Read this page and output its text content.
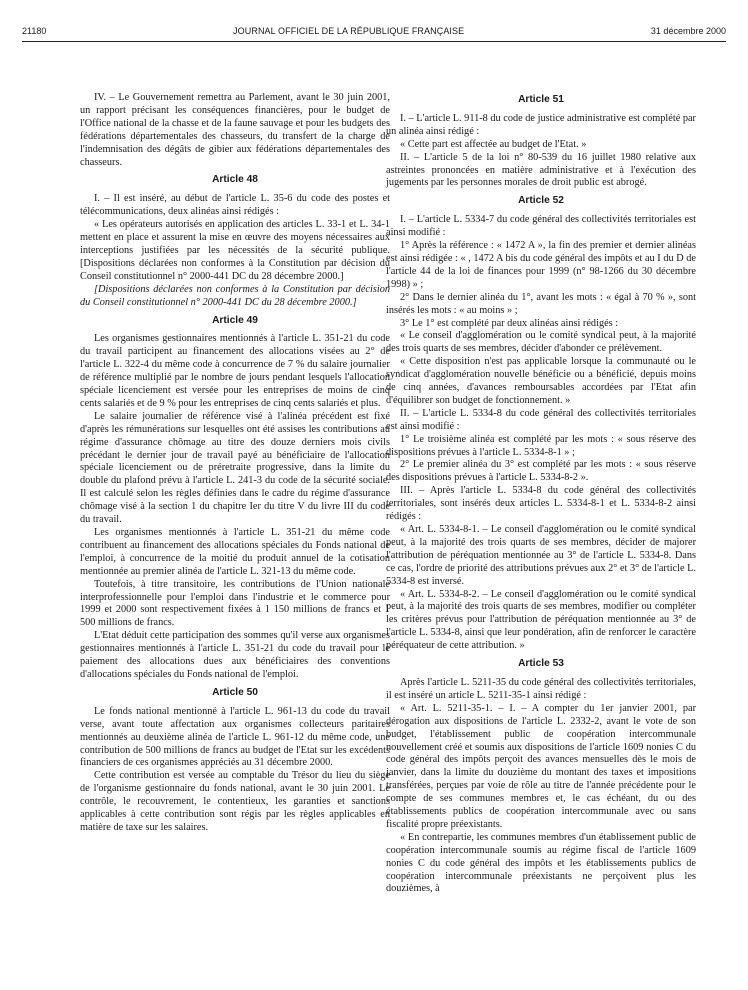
21180	JOURNAL OFFICIEL DE LA RÉPUBLIQUE FRANÇAISE	31 décembre 2000

IV. – Le Gouvernement remettra au Parlement, avant le 30 juin 2001, un rapport précisant les conséquences financières, pour le budget de l'Office national de la chasse et de la faune sauvage et pour les budgets des fédérations départementales des chasseurs, du transfert de la charge de l'indemnisation des dégâts de gibier aux fédérations départementales des chasseurs.

Article 48

I. – Il est inséré, au début de l'article L. 35-6 du code des postes et télécommunications, deux alinéas ainsi rédigés :

« Les opérateurs autorisés en application des articles L. 33-1 et L. 34-1 mettent en place et assurent la mise en œuvre des moyens nécessaires aux interceptions justifiées par les nécessités de la sécurité publique. [Dispositions déclarées non conformes à la Constitution par décision du Conseil constitutionnel n° 2000-441 DC du 28 décembre 2000.]

[Dispositions déclarées non conformes à la Constitution par décision du Conseil constitutionnel n° 2000-441 DC du 28 décembre 2000.]

Article 49

Les organismes gestionnaires mentionnés à l'article L. 351-21 du code du travail participent au financement des allocations visées au 2° de l'article L. 322-4 du même code à concurrence de 7 % du salaire journalier de référence multiplié par le nombre de jours pendant lesquels l'allocation spéciale licenciement est versée pour les entreprises de moins de cinq cents salariés et de 9 % pour les entreprises de cinq cents salariés et plus.

Le salaire journalier de référence visé à l'alinéa précédent est fixé d'après les rémunérations sur lesquelles ont été assises les contributions au régime d'assurance chômage au titre des douze derniers mois civils précédant le dernier jour de travail payé au bénéficiaire de l'allocation spéciale licenciement ou de préretraite progressive, dans la limite du double du plafond prévu à l'article L. 241-3 du code de la sécurité sociale. Il est calculé selon les règles définies dans le cadre du régime d'assurance chômage visé à la section 1 du chapitre Ier du titre V du livre III du code du travail.

Les organismes mentionnés à l'article L. 351-21 du même code contribuent au financement des allocations spéciales du Fonds national de l'emploi, à concurrence de la moitié du produit annuel de la cotisation mentionnée au premier alinéa de l'article L. 321-13 du même code.

Toutefois, à titre transitoire, les contributions de l'Union nationale interprofessionnelle pour l'emploi dans l'industrie et le commerce pour 1999 et 2000 sont respectivement fixées à 1 150 millions de francs et 1 500 millions de francs.

L'Etat déduit cette participation des sommes qu'il verse aux organismes gestionnaires mentionnés à l'article L. 351-21 du code du travail pour le paiement des allocations dues aux bénéficiaires des conventions d'allocations spéciales du Fonds national de l'emploi.

Article 50

Le fonds national mentionné à l'article L. 961-13 du code du travail verse, avant toute affectation aux organismes collecteurs paritaires mentionnés au deuxième alinéa de l'article L. 961-12 du même code, une contribution de 500 millions de francs au budget de l'Etat sur les excédents financiers de ces organismes appréciés au 31 décembre 2000.

Cette contribution est versée au comptable du Trésor du lieu du siège de l'organisme gestionnaire du fonds national, avant le 30 juin 2001. Le contrôle, le recouvrement, le contentieux, les garanties et sanctions applicables à cette contribution sont régis par les règles applicables en matière de taxe sur les salaires.

Article 51

I. – L'article L. 911-8 du code de justice administrative est complété par un alinéa ainsi rédigé :

« Cette part est affectée au budget de l'Etat. »

II. – L'article 5 de la loi n° 80-539 du 16 juillet 1980 relative aux astreintes prononcées en matière administrative et à l'exécution des jugements par les personnes morales de droit public est abrogé.

Article 52

I. – L'article L. 5334-7 du code général des collectivités territoriales est ainsi modifié :

1° Après la référence : « 1472 A », la fin des premier et dernier alinéas est ainsi rédigée : « , 1472 A bis du code général des impôts et au I du D de l'article 44 de la loi de finances pour 1999 (n° 98-1266 du 30 décembre 1998) » ;

2° Dans le dernier alinéa du 1°, avant les mots : « égal à 70 % », sont insérés les mots : « au moins » ;

3° Le 1° est complété par deux alinéas ainsi rédigés :

« Le conseil d'agglomération ou le comité syndical peut, à la majorité des trois quarts de ses membres, décider d'abonder ce prélèvement.

« Cette disposition n'est pas applicable lorsque la communauté ou le syndicat d'agglomération nouvelle bénéficie ou a bénéficié, depuis moins de cinq années, d'avances remboursables accordées par l'Etat afin d'équilibrer son budget de fonctionnement. »

II. – L'article L. 5334-8 du code général des collectivités territoriales est ainsi modifié :

1° Le troisième alinéa est complété par les mots : « sous réserve des dispositions prévues à l'article L. 5334-8-1 » ;

2° Le premier alinéa du 3° est complété par les mots : « sous réserve des dispositions prévues à l'article L. 5334-8-2 ».

III. – Après l'article L. 5334-8 du code général des collectivités territoriales, sont insérés deux articles L. 5334-8-1 et L. 5334-8-2 ainsi rédigés :

« Art. L. 5334-8-1. – Le conseil d'agglomération ou le comité syndical peut, à la majorité des trois quarts de ses membres, décider de majorer l'attribution de péréquation mentionnée au 3° de l'article L. 5334-8. Dans ce cas, l'ordre de priorité des attributions prévues aux 2° et 3° de l'article L. 5334-8 est inversé.

« Art. L. 5334-8-2. – Le conseil d'agglomération ou le comité syndical peut, à la majorité des trois quarts de ses membres, modifier ou compléter les critères prévus pour l'attribution de péréquation mentionnée au 3° de l'article L. 5334-8, ainsi que leur pondération, afin de renforcer le caractère péréquateur de cette attribution. »

Article 53

Après l'article L. 5211-35 du code général des collectivités territoriales, il est inséré un article L. 5211-35-1 ainsi rédigé :

« Art. L. 5211-35-1. – I. – A compter du 1er janvier 2001, par dérogation aux dispositions de l'article L. 2332-2, avant le vote de son budget, l'établissement public de coopération intercommunale nouvellement créé et soumis aux dispositions de l'article 1609 nonies C du code général des impôts perçoit des avances mensuelles dès le mois de janvier, dans la limite du douzième du montant des taxes et impositions transférées, perçues par voie de rôle au titre de l'année précédente pour le compte de ses communes membres et, le cas échéant, du ou des établissements publics de coopération intercommunale avec ou sans fiscalité propre préexistants.

« En contrepartie, les communes membres d'un établissement public de coopération intercommunale soumis au régime fiscal de l'article 1609 nonies C du code général des impôts et les établissements publics de coopération intercommunale préexistants ne perçoivent plus les douzièmes, à
